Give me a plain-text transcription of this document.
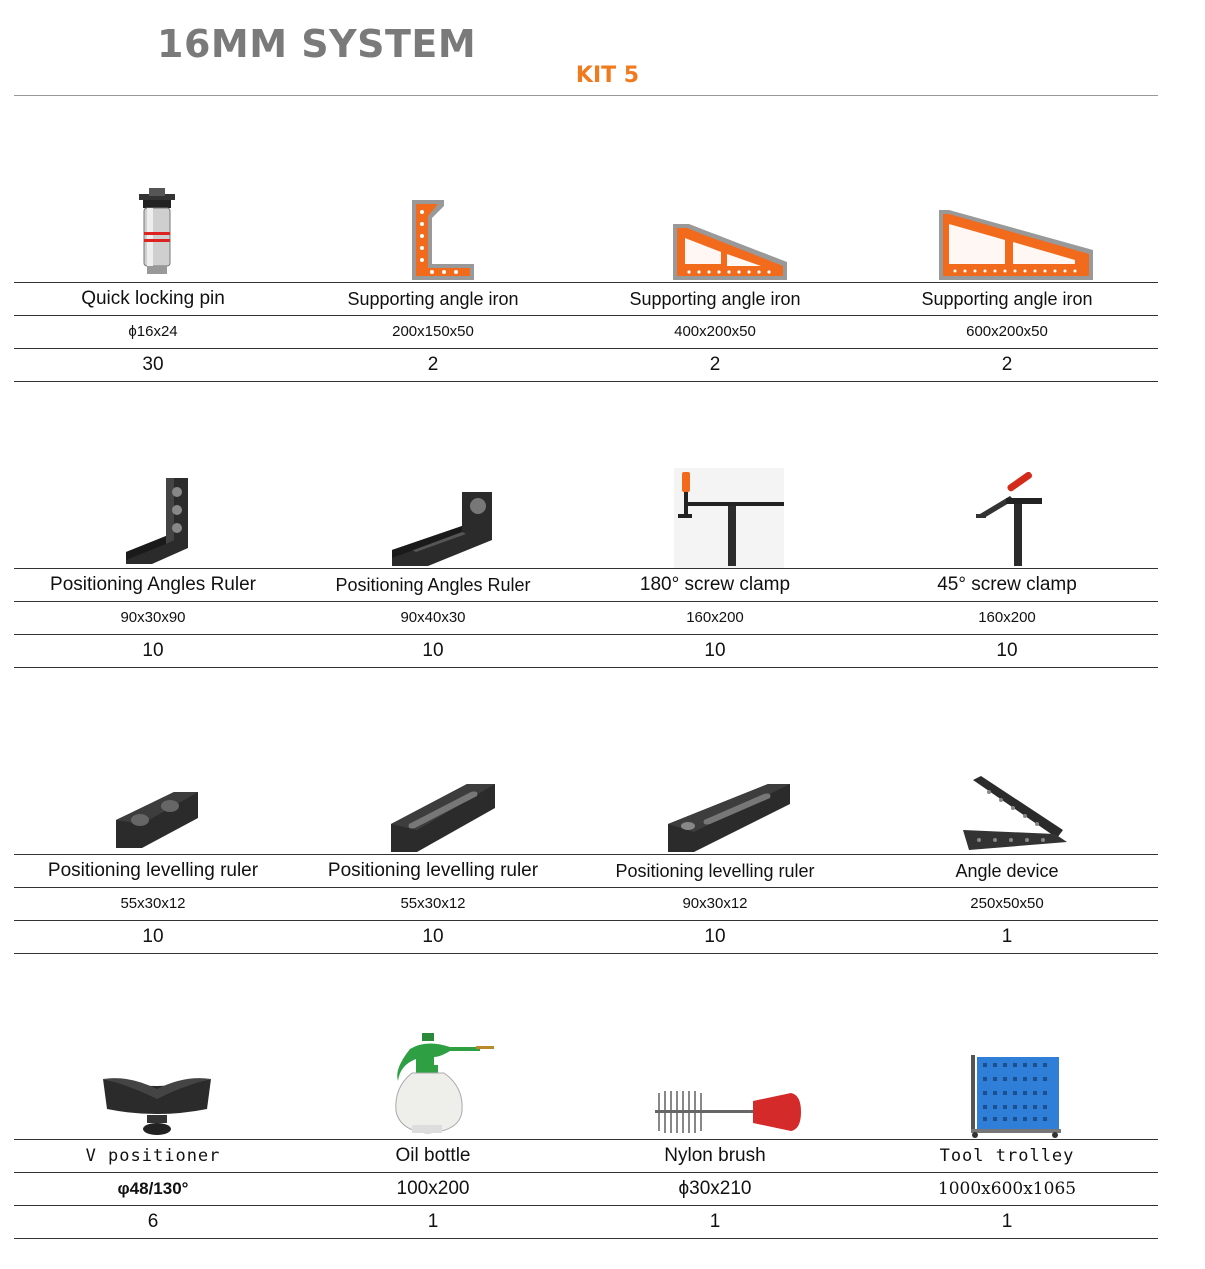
16MM SYSTEM
KIT 5
Quick locking pin	Supporting angle iron	Supporting angle iron	Supporting angle iron
ϕ16x24	200x150x50	400x200x50	600x200x50
30	2	2	2
Positioning Angles Ruler	Positioning Angles Ruler	180° screw clamp	45° screw clamp
90x30x90	90x40x30	160x200	160x200
10	10	10	10
Positioning levelling ruler	Positioning levelling ruler	Positioning levelling ruler	Angle device
55x30x12	55x30x12	90x30x12	250x50x50
10	10	10	1
V positioner	Oil bottle	Nylon brush	Tool trolley
φ48/130°	100x200	ϕ30x210	1000x600x1065
6	1	1	1
